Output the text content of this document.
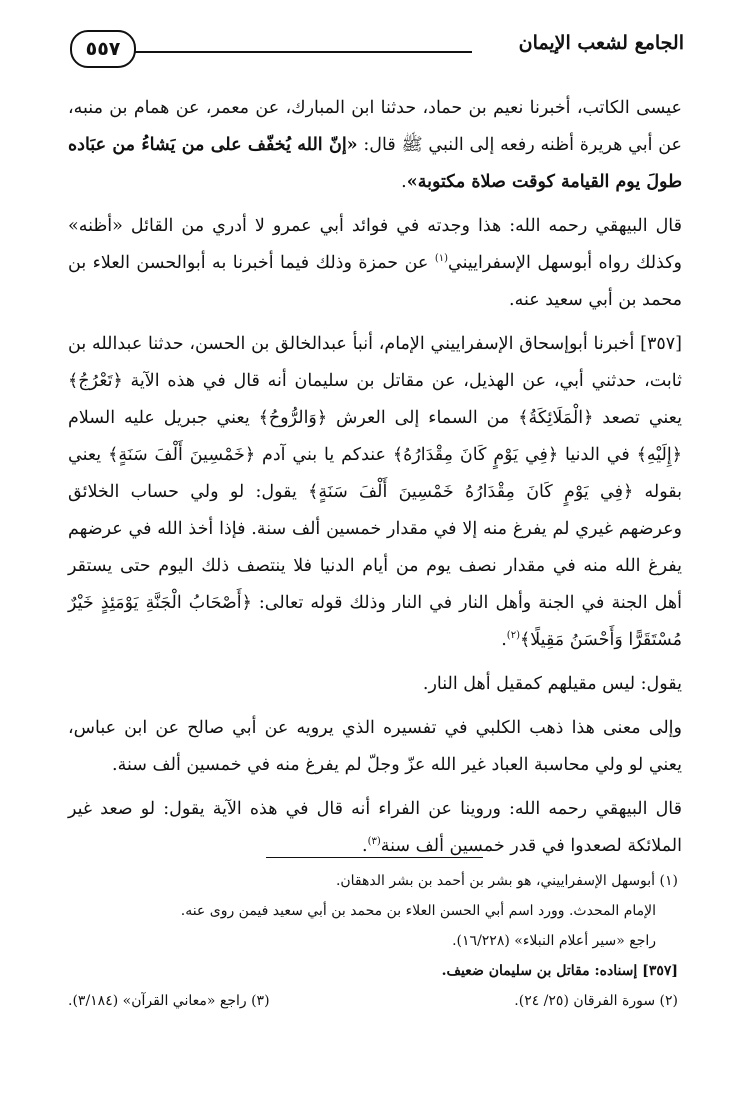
٥٥٧	الجامع لشعب الإيمان

عيسى الكاتب، أخبرنا نعيم بن حماد، حدثنا ابن المبارك، عن معمر، عن همام بن منبه، عن أبي هريرة أظنه رفعه إلى النبي ﷺ قال: «إنّ الله يُخفّف على من يَشاءُ من عبَاده طولَ يوم القيامة كوقت صلاة مكتوبة».

قال البيهقي رحمه الله: هذا وجدته في فوائد أبي عمرو لا أدري من القائل «أظنه» وكذلك رواه أبوسهل الإسفراييني$^{(١)}$ عن حمزة وذلك فيما أخبرنا به أبوالحسن العلاء بن محمد بن أبي سعيد عنه.

[٣٥٧] أخبرنا أبوإسحاق الإسفراييني الإمام، أنبأ عبدالخالق بن الحسن، حدثنا عبدالله بن ثابت، حدثني أبي، عن الهذيل، عن مقاتل بن سليمان أنه قال في هذه الآية ﴿تَعْرُجُ﴾ يعني تصعد ﴿الْمَلَائِكَةُ﴾ من السماء إلى العرش ﴿وَالرُّوحُ﴾ يعني جبريل عليه السلام ﴿إِلَيْهِ﴾ في الدنيا ﴿فِي يَوْمٍ كَانَ مِقْدَارُهُ﴾ عندكم يا بني آدم ﴿خَمْسِينَ أَلْفَ سَنَةٍ﴾ يعني بقوله ﴿فِي يَوْمٍ كَانَ مِقْدَارُهُ خَمْسِينَ أَلْفَ سَنَةٍ﴾ يقول: لو ولي حساب الخلائق وعرضهم غيري لم يفرغ منه إلا في مقدار خمسين ألف سنة. فإذا أخذ الله في عرضهم يفرغ الله منه في مقدار نصف يوم من أيام الدنيا فلا ينتصف ذلك اليوم حتى يستقر أهل الجنة في الجنة وأهل النار في النار وذلك قوله تعالى: ﴿أَصْحَابُ الْجَنَّةِ يَوْمَئِذٍ خَيْرٌ مُسْتَقَرًّا وَأَحْسَنُ مَقِيلًا﴾$^{(٢)}$.

يقول: ليس مقيلهم كمقيل أهل النار.

وإلى معنى هذا ذهب الكلبي في تفسيره الذي يرويه عن أبي صالح عن ابن عباس، يعني لو ولي محاسبة العباد غير الله عزّ وجلّ لم يفرغ منه في خمسين ألف سنة.

قال البيهقي رحمه الله: وروينا عن الفراء أنه قال في هذه الآية يقول: لو صعد غير الملائكة لصعدوا في قدر خمسين ألف سنة$^{(٣)}$.

(١) أبوسهل الإسفراييني، هو بشر بن أحمد بن بشر الدهقان.

الإمام المحدث. وورد اسم أبي الحسن العلاء بن محمد بن أبي سعيد فيمن روى عنه.

راجع «سير أعلام النبلاء» (١٦/٢٢٨).

[٣٥٧] إسناده: مقاتل بن سليمان ضعيف.

(٢) سورة الفرقان (٢٥/ ٢٤).
(٣) راجع «معاني القرآن» (٣/١٨٤).
